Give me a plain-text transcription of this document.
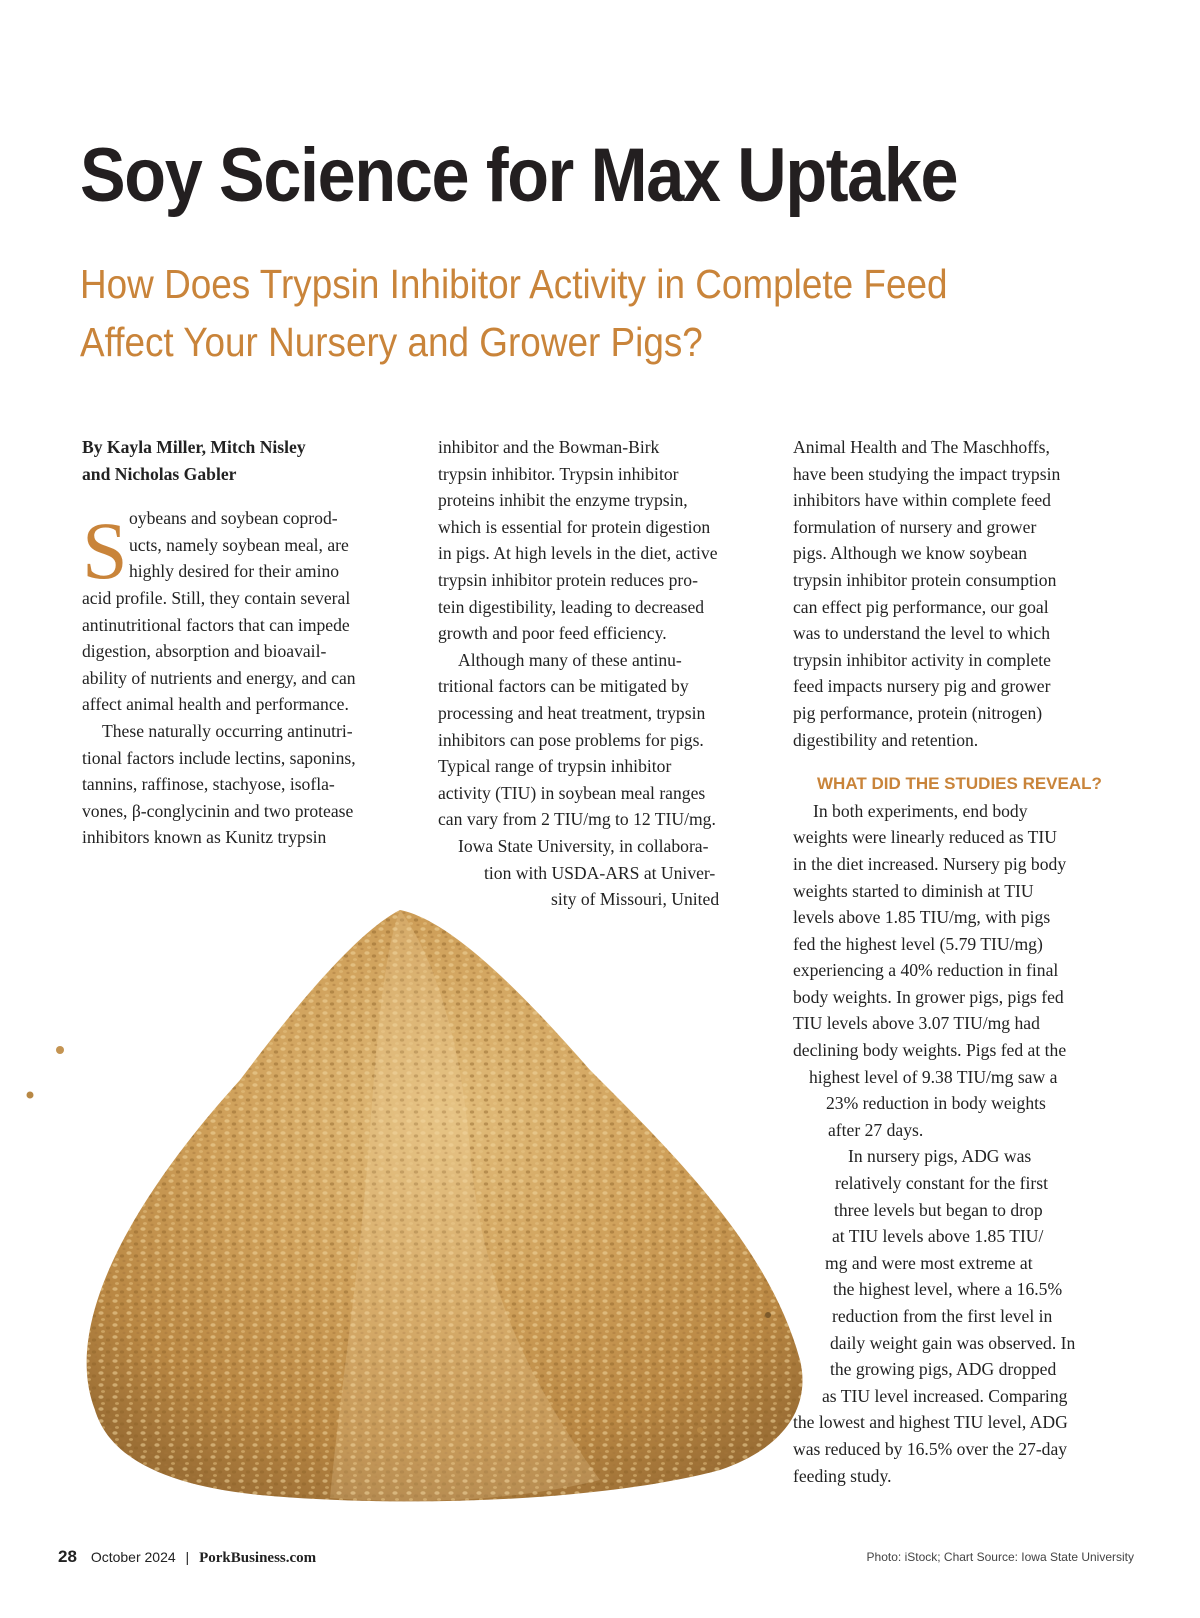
Soy Science for Max Uptake
How Does Trypsin Inhibitor Activity in Complete Feed
Affect Your Nursery and Grower Pigs?
By Kayla Miller, Mitch Nisley
and Nicholas Gabler
oybeans and soybean coprod-
ucts, namely soybean meal, are
highly desired for their amino
acid profile. Still, they contain several
antinutritional factors that can impede
digestion, absorption and bioavail-
ability of nutrients and energy, and can
affect animal health and performance.
These naturally occurring antinutri-
tional factors include lectins, saponins,
tannins, raffinose, stachyose, isofla-
vones, β-conglycinin and two protease
inhibitors known as Kunitz trypsin
S
inhibitor and the Bowman-Birk
trypsin inhibitor. Trypsin inhibitor
proteins inhibit the enzyme trypsin,
which is essential for protein digestion
in pigs. At high levels in the diet, active
trypsin inhibitor protein reduces pro-
tein digestibility, leading to decreased
growth and poor feed efficiency.
Although many of these antinu-
tritional factors can be mitigated by
processing and heat treatment, trypsin
inhibitors can pose problems for pigs.
Typical range of trypsin inhibitor
activity (TIU) in soybean meal ranges
can vary from 2 TIU/mg to 12 TIU/mg.
Iowa State University, in collabora-
tion with USDA-ARS at Univer-
sity of Missouri, United
Animal Health and The Maschhoffs,
have been studying the impact trypsin
inhibitors have within complete feed
formulation of nursery and grower
pigs. Although we know soybean
trypsin inhibitor protein consumption
can effect pig performance, our goal
was to understand the level to which
trypsin inhibitor activity in complete
feed impacts nursery pig and grower
pig performance, protein (nitrogen)
digestibility and retention.
WHAT DID THE STUDIES REVEAL?
In both experiments, end body
weights were linearly reduced as TIU
in the diet increased. Nursery pig body
weights started to diminish at TIU
levels above 1.85 TIU/mg, with pigs
fed the highest level (5.79 TIU/mg)
experiencing a 40% reduction in final
body weights. In grower pigs, pigs fed
TIU levels above 3.07 TIU/mg had
declining body weights. Pigs fed at the
highest level of 9.38 TIU/mg saw a
23% reduction in body weights
after 27 days.
In nursery pigs, ADG was
relatively constant for the first
three levels but began to drop
at TIU levels above 1.85 TIU/
mg and were most extreme at
the highest level, where a 16.5%
reduction from the first level in
daily weight gain was observed. In
the growing pigs, ADG dropped
as TIU level increased. Comparing
the lowest and highest TIU level, ADG
was reduced by 16.5% over the 27-day
feeding study.
28 October 2024 | PorkBusiness.com	Photo: iStock; Chart Source: Iowa State University
